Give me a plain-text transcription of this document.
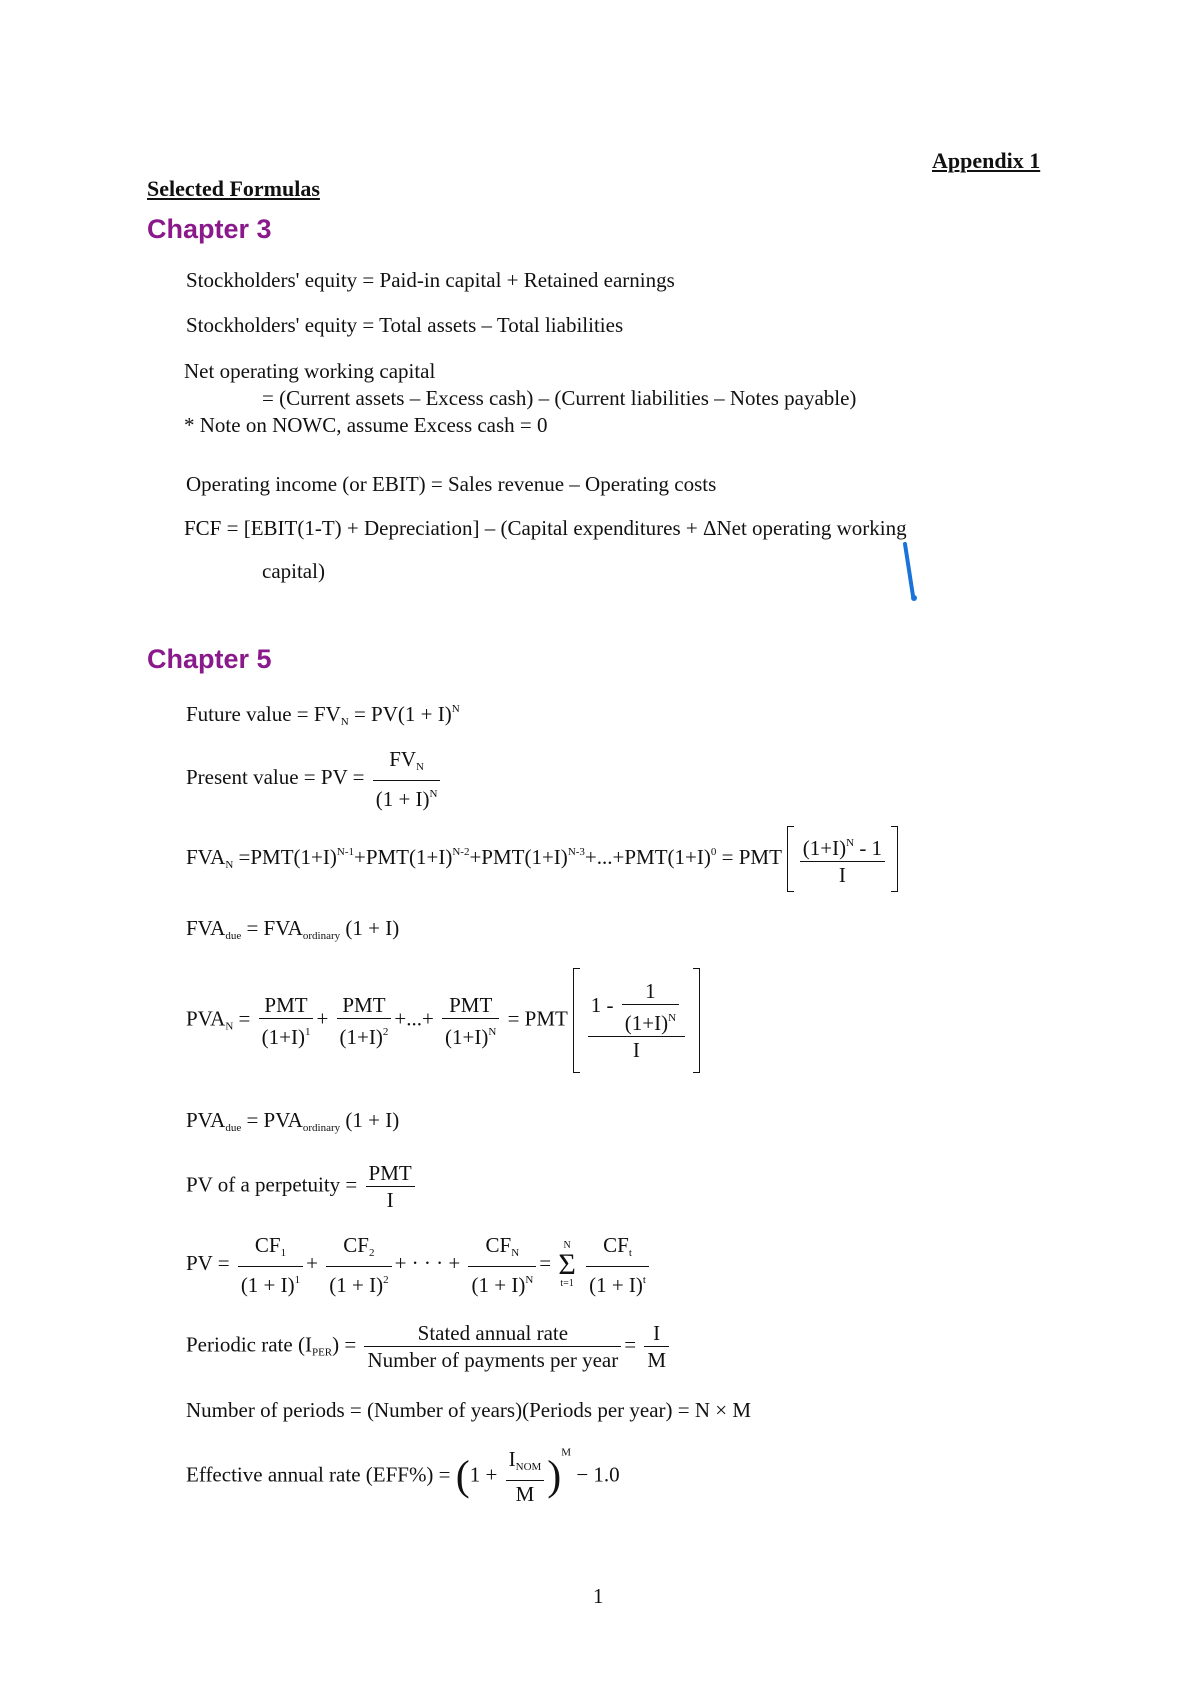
Appendix 1
Selected Formulas
Chapter 3
Stockholders' equity = Paid-in capital + Retained earnings
Stockholders' equity = Total assets – Total liabilities
Net operating working capital
= (Current assets – Excess cash) – (Current liabilities – Notes payable)
* Note on NOWC, assume Excess cash = 0
Operating income (or EBIT) = Sales revenue – Operating costs
FCF = [EBIT(1-T) + Depreciation] – (Capital expenditures + ΔNet operating working
capital)
Chapter 5
Future value = $FV_N = PV(1 + I)^N$
Present value = PV = $\frac{FV_N}{(1 + I)^N}$
$FVA_N =PMT(1+I)^{N-1}+PMT(1+I)^{N-2}+PMT(1+I)^{N-3}+...+PMT(1+I)^0$ = PMT $\frac{(1+I)^N - 1}{I}$
$FVA_{due} = FVA_{ordinary}$ (1 + I)
$PVA_N = \frac{\text{PMT}}{(1+I)^1} + \frac{\text{PMT}}{(1+I)^2}$ +...+ $\frac{\text{PMT}}{(1+I)^N}$ = PMT $\frac{1 - \frac{1}{(1+I)^N}}{I}$
$PVA_{due} = PVA_{ordinary}$ (1 + I)
PV of a perpetuity = $\frac{\text{PMT}}{I}$
PV = $\frac{CF_1}{(1 + I)^1} + \frac{CF_2}{(1 + I)^2}$ + · · · + $\frac{CF_N}{(1 + I)^N}$ =
N
Σ
t=1
$\frac{CF_t}{(1 + I)^t}$
Periodic rate $(I_{PER}) = \frac{\text{Stated annual rate}}{\text{Number of payments per year}} = \frac{I}{M}$
Number of periods = (Number of years)(Periods per year) = N × M
Effective annual rate $(EFF\%) = (1 + \frac{I_{NOM}}{M} )^M - 1.0$
1
